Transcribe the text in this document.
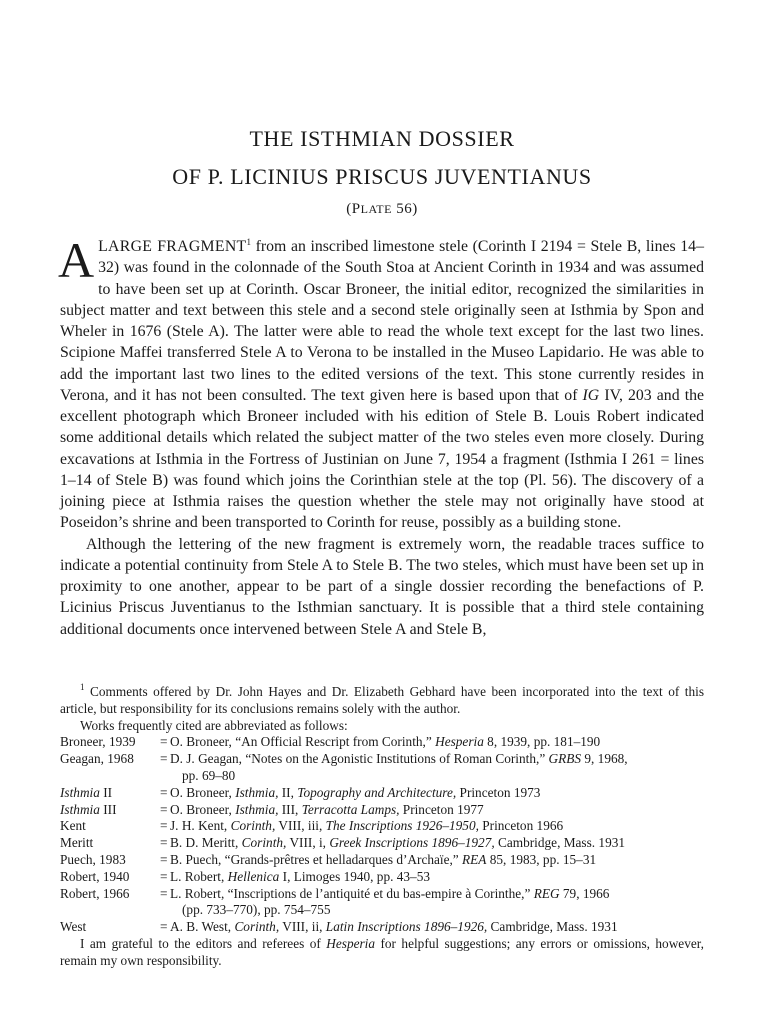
THE ISTHMIAN DOSSIER
OF P. LICINIUS PRISCUS JUVENTIANUS
(PLATE 56)

ALARGE FRAGMENT$^1$ from an inscribed limestone stele (Corinth I 2194 = Stele B, lines 14–32) was found in the colonnade of the South Stoa at Ancient Corinth in 1934 and was assumed to have been set up at Corinth. Oscar Broneer, the initial editor, recognized the similarities in subject matter and text between this stele and a second stele originally seen at Isthmia by Spon and Wheler in 1676 (Stele A). The latter were able to read the whole text except for the last two lines. Scipione Maffei transferred Stele A to Verona to be installed in the Museo Lapidario. He was able to add the important last two lines to the edited versions of the text. This stone currently resides in Verona, and it has not been consulted. The text given here is based upon that of IG IV, 203 and the excellent photograph which Broneer included with his edition of Stele B. Louis Robert indicated some additional details which related the subject matter of the two steles even more closely. During excavations at Isthmia in the Fortress of Justinian on June 7, 1954 a fragment (Isthmia I 261 = lines 1–14 of Stele B) was found which joins the Corinthian stele at the top (Pl. 56). The discovery of a joining piece at Isthmia raises the question whether the stele may not originally have stood at Poseidon’s shrine and been transported to Corinth for reuse, possibly as a building stone.

Although the lettering of the new fragment is extremely worn, the readable traces suffice to indicate a potential continuity from Stele A to Stele B. The two steles, which must have been set up in proximity to one another, appear to be part of a single dossier recording the benefactions of P. Licinius Priscus Juventianus to the Isthmian sanctuary. It is possible that a third stele containing additional documents once intervened between Stele A and Stele B,

$^1$ Comments offered by Dr. John Hayes and Dr. Elizabeth Gebhard have been incorporated into the text of this article, but responsibility for its conclusions remains solely with the author.

Works frequently cited are abbreviated as follows:

Broneer, 1939	= O. Broneer, “An Official Rescript from Corinth,” Hesperia 8, 1939, pp. 181–190
Geagan, 1968	= D. J. Geagan, “Notes on the Agonistic Institutions of Roman Corinth,” GRBS 9, 1968,
pp. 69–80

Isthmia II	= O. Broneer, Isthmia, II, Topography and Architecture, Princeton 1973
Isthmia III	= O. Broneer, Isthmia, III, Terracotta Lamps, Princeton 1977
Kent	= J. H. Kent, Corinth, VIII, iii, The Inscriptions 1926–1950, Princeton 1966
Meritt	= B. D. Meritt, Corinth, VIII, i, Greek Inscriptions 1896–1927, Cambridge, Mass. 1931
Puech, 1983	= B. Puech, “Grands-prêtres et helladarques d’Archaïe,” REA 85, 1983, pp. 15–31
Robert, 1940	= L. Robert, Hellenica I, Limoges 1940, pp. 43–53
Robert, 1966	= L. Robert, “Inscriptions de l’antiquité et du bas-empire à Corinthe,” REG 79, 1966
(pp. 733–770), pp. 754–755

West	= A. B. West, Corinth, VIII, ii, Latin Inscriptions 1896–1926, Cambridge, Mass. 1931

I am grateful to the editors and referees of Hesperia for helpful suggestions; any errors or omissions, however, remain my own responsibility.
